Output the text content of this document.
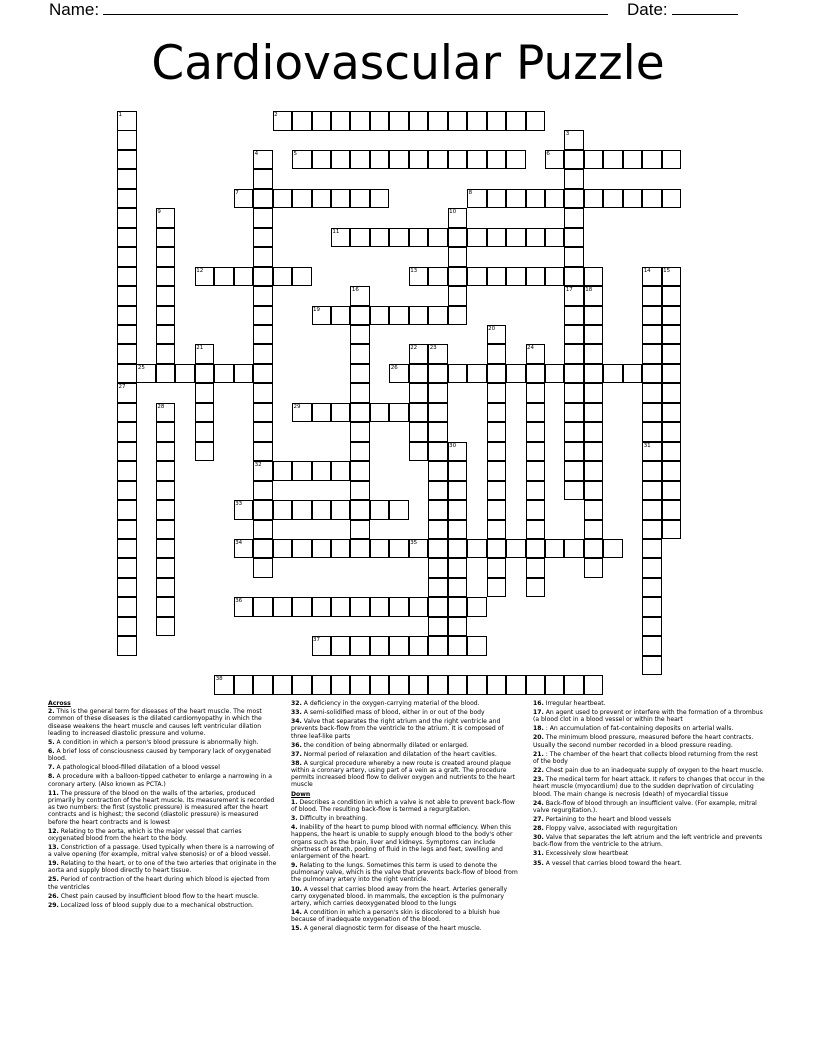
Name:	Date:
Cardiovascular Puzzle
1	2
5	6
7	8
11
12	13
19
25	26
29
32
33
34	35
36
37
38
3
4
9	10
14 15
16	17 18
20
21	22 23	24
27
28
30	31
Across
2. This is the general term for diseases of the heart muscle. The most common of these diseases is the dilated cardiomyopathy in which the disease weakens the heart muscle and causes left ventricular dilation leading to increased diastolic pressure and volume.
5. A condition in which a person's blood pressure is abnormally high.
6. A brief loss of consciousness caused by temporary lack of oxygenated blood.
7. A pathological blood-filled dilatation of a blood vessel
8. A procedure with a balloon-tipped catheter to enlarge a narrowing in a coronary artery. (Also known as PCTA.)
11. The pressure of the blood on the walls of the arteries, produced primarily by contraction of the heart muscle. Its measurement is recorded as two numbers: the first (systolic pressure) is measured after the heart contracts and is highest; the second (diastolic pressure) is measured before the heart contracts and is lowest
12. Relating to the aorta, which is the major vessel that carries oxygenated blood from the heart to the body.
13. Constriction of a passage. Used typically when there is a narrowing of a valve opening (for example, mitral valve stenosis) or of a blood vessel.
19. Relating to the heart, or to one of the two arteries that originate in the aorta and supply blood directly to heart tissue.
25. Period of contraction of the heart during which blood is ejected from the ventricles
26. Chest pain caused by insufficient blood flow to the heart muscle.
29. Localized loss of blood supply due to a mechanical obstruction.
32. A deficiency in the oxygen-carrying material of the blood.
33. A semi-solidified mass of blood, either in or out of the body
34. Valve that separates the right atrium and the right ventricle and prevents back-flow from the ventricle to the atrium. It is composed of three leaf-like parts
36. the condition of being abnormally dilated or enlarged.
37. Normal period of relaxation and dilatation of the heart cavities.
38. A surgical procedure whereby a new route is created around plaque within a coronary artery, using part of a vein as a graft. The procedure permits increased blood flow to deliver oxygen and nutrients to the heart muscle
Down
1. Describes a condition in which a valve is not able to prevent back-flow of blood. The resulting back-flow is termed a regurgitation.
3. Difficulty in breathing.
4. Inability of the heart to pump blood with normal efficiency. When this happens, the heart is unable to supply enough blood to the body's other organs such as the brain, liver and kidneys. Symptoms can include shortness of breath, pooling of fluid in the legs and feet, swelling and enlargement of the heart.
9. Relating to the lungs. Sometimes this term is used to denote the pulmonary valve, which is the valve that prevents back-flow of blood from the pulmonary artery into the right ventricle.
10. A vessel that carries blood away from the heart. Arteries generally carry oxygenated blood. In mammals, the exception is the pulmonary artery, which carries deoxygenated blood to the lungs
14. A condition in which a person's skin is discolored to a bluish hue because of inadequate oxygenation of the blood.
15. A general diagnostic term for disease of the heart muscle.
16. Irregular heartbeat.
17. An agent used to prevent or interfere with the formation of a thrombus (a blood clot in a blood vessel or within the heart
18. : An accumulation of fat-containing deposits on arterial walls.
20. The minimum blood pressure, measured before the heart contracts. Usually the second number recorded in a blood pressure reading.
21. : The chamber of the heart that collects blood returning from the rest of the body
22. Chest pain due to an inadequate supply of oxygen to the heart muscle.
23. The medical term for heart attack. It refers to changes that occur in the heart muscle (myocardium) due to the sudden deprivation of circulating blood. The main change is necrosis (death) of myocardial tissue
24. Back-flow of blood through an insufficient valve. (For example, mitral valve regurgitation.).
27. Pertaining to the heart and blood vessels
28. Floppy valve, associated with regurgitation
30. Valve that separates the left atrium and the left ventricle and prevents back-flow from the ventricle to the atrium.
31. Excessively slow heartbeat
35. A vessel that carries blood toward the heart.
